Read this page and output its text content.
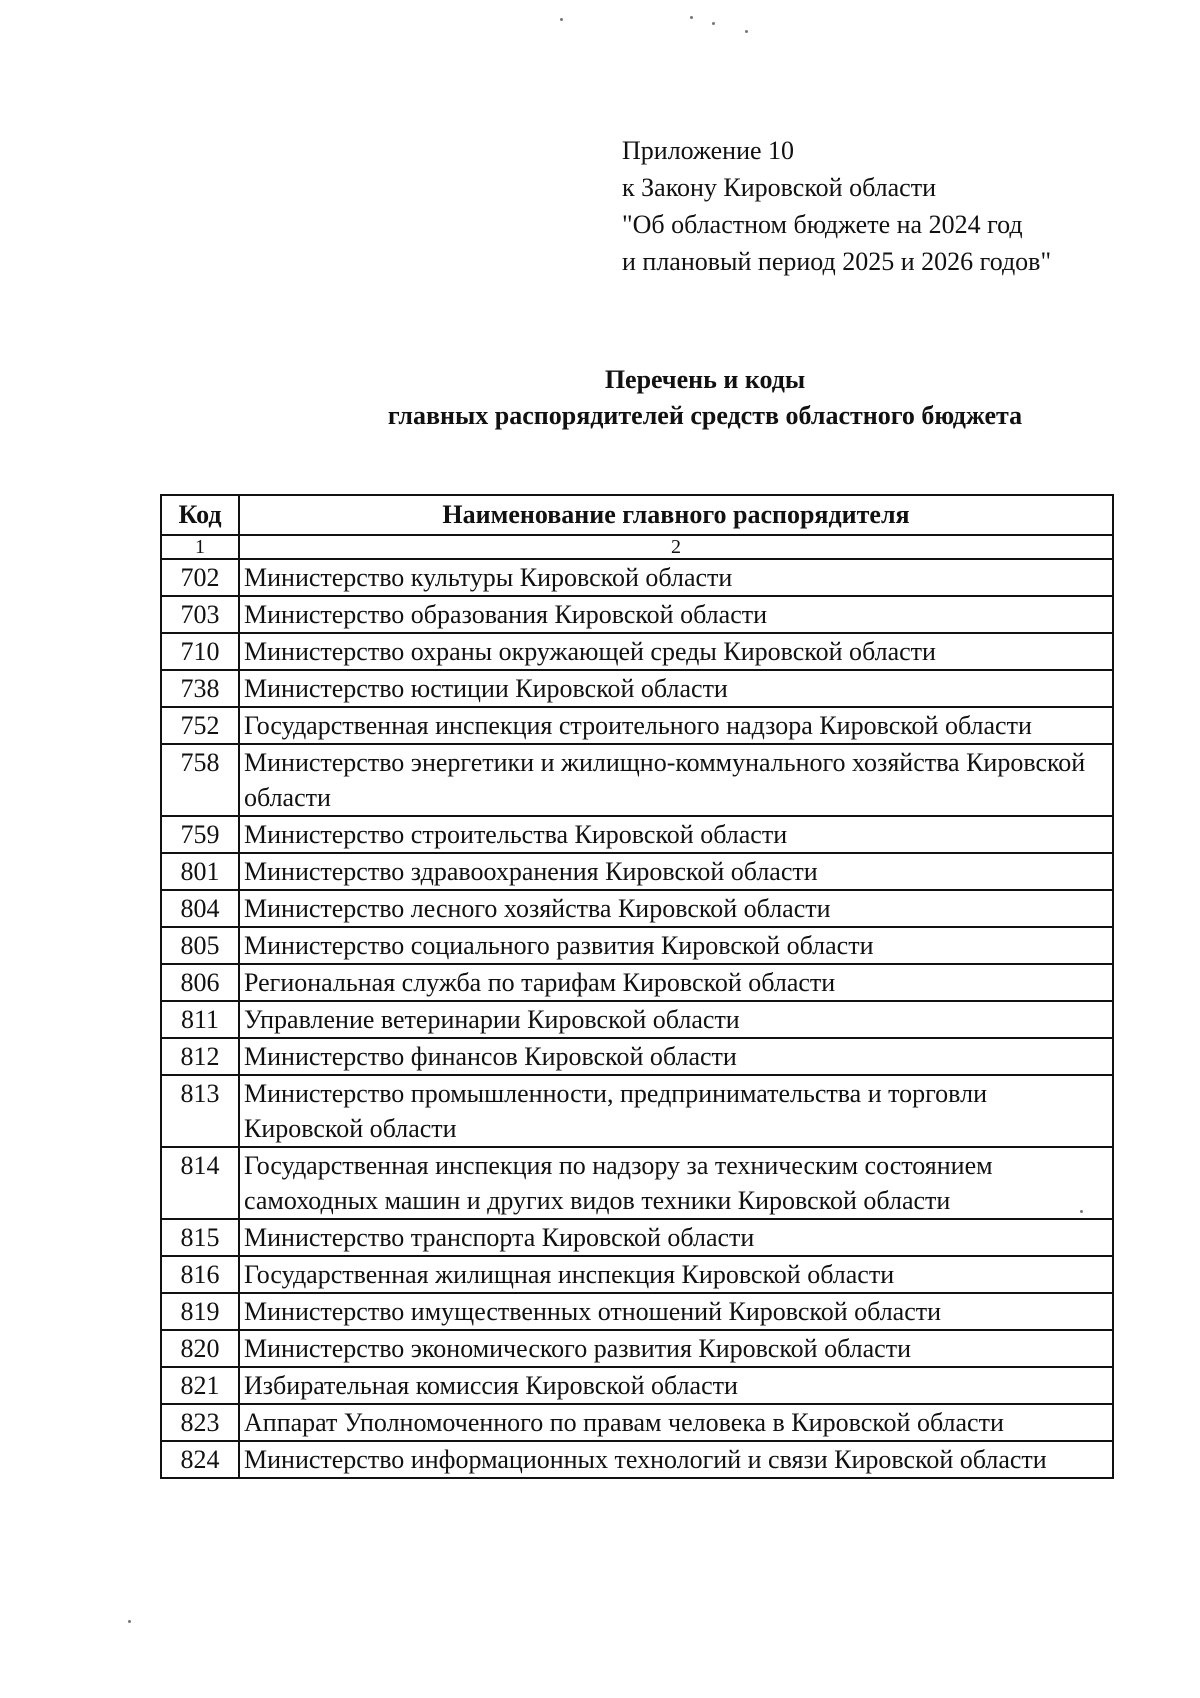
Приложение 10
к Закону Кировской области
"Об областном бюджете на 2024 год
и плановый период 2025 и 2026 годов"
Перечень и коды
главных распорядителей средств областного бюджета
Код	Наименование главного распорядителя
1	2
702	Министерство культуры Кировской области
703	Министерство образования Кировской области
710	Министерство охраны окружающей среды Кировской области
738	Министерство юстиции Кировской области
752	Государственная инспекция строительного надзора Кировской области
758	Министерство энергетики и жилищно-коммунального хозяйства Кировской области
759	Министерство строительства Кировской области
801	Министерство здравоохранения Кировской области
804	Министерство лесного хозяйства Кировской области
805	Министерство социального развития Кировской области
806	Региональная служба по тарифам Кировской области
811	Управление ветеринарии Кировской области
812	Министерство финансов Кировской области
813	Министерство промышленности, предпринимательства и торговли Кировской области
814	Государственная инспекция по надзору за техническим состоянием самоходных машин и других видов техники Кировской области
815	Министерство транспорта Кировской области
816	Государственная жилищная инспекция Кировской области
819	Министерство имущественных отношений Кировской области
820	Министерство экономического развития Кировской области
821	Избирательная комиссия Кировской области
823	Аппарат Уполномоченного по правам человека в Кировской области
824	Министерство информационных технологий и связи Кировской области
